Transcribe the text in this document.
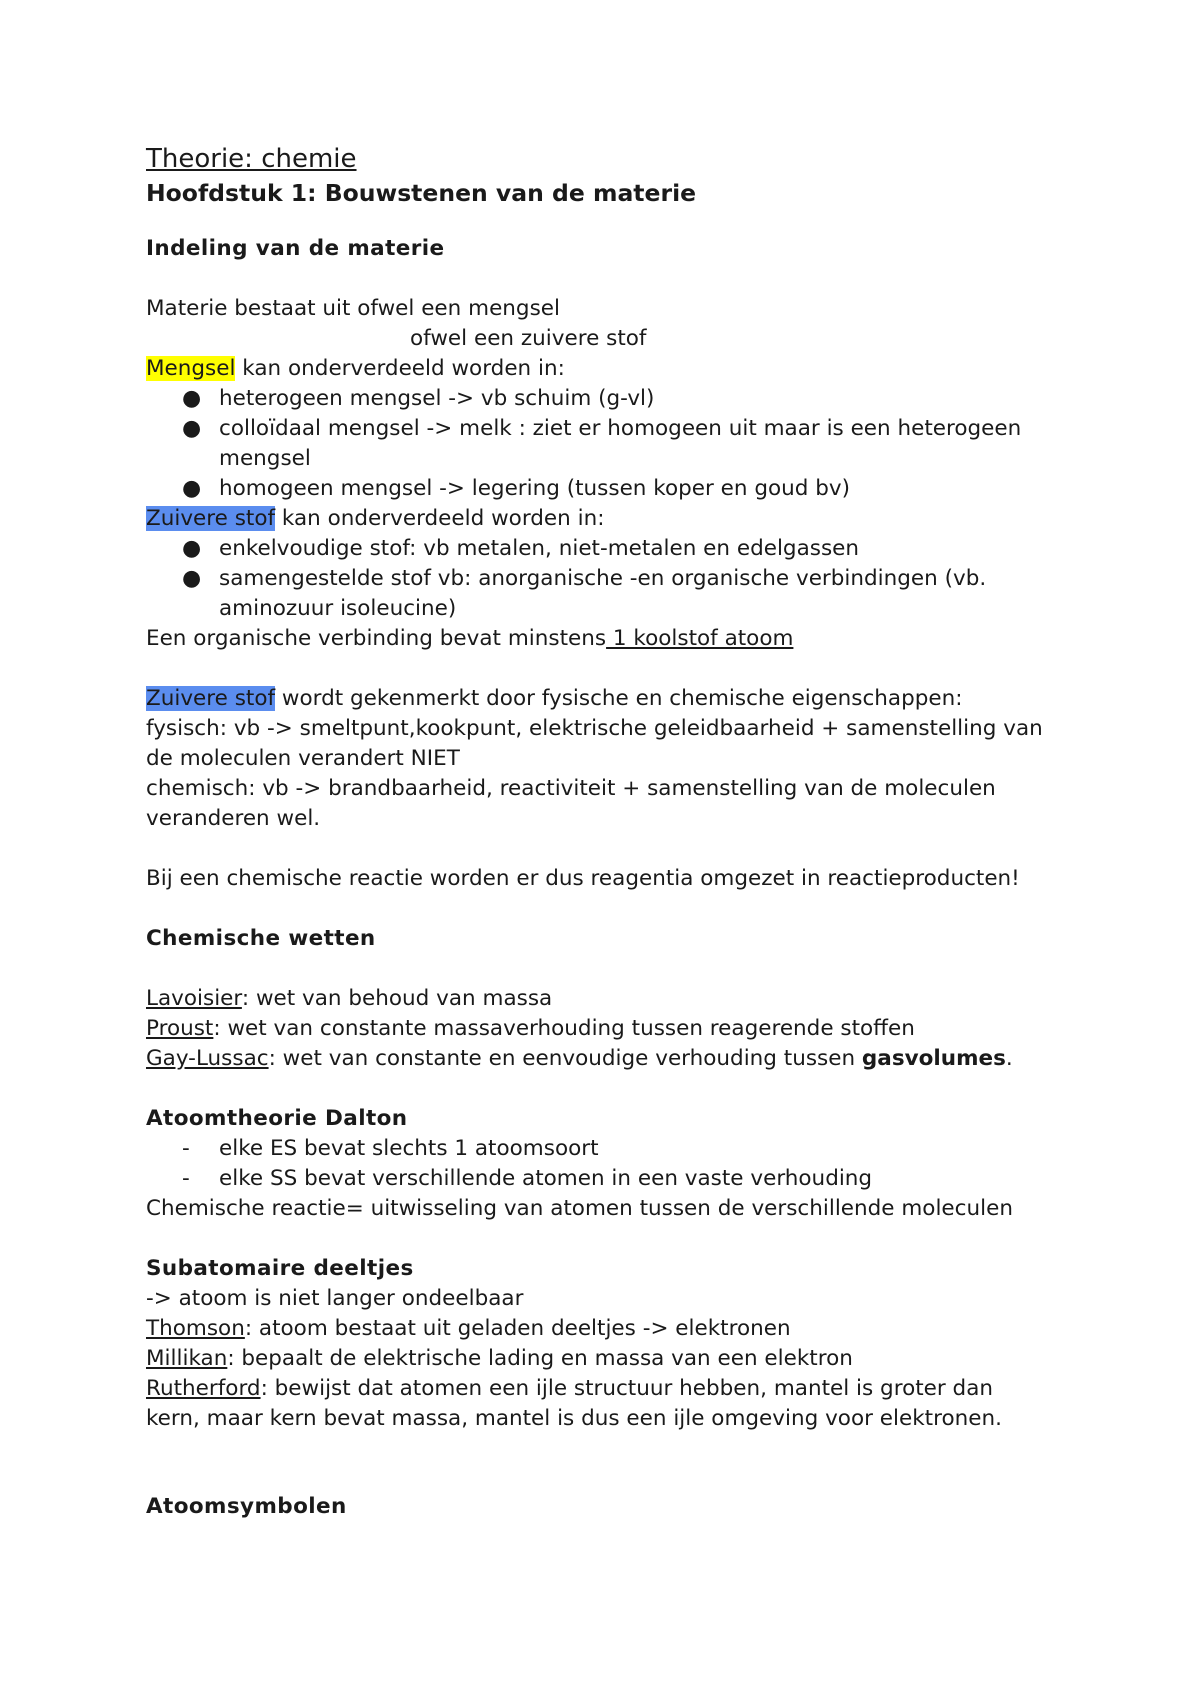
Theorie: chemie
Hoofdstuk 1: Bouwstenen van de materie
Indeling van de materie
Materie bestaat uit ofwel een mengsel
ofwel een zuivere stof
Mengsel kan onderverdeeld worden in:
● heterogeen mengsel -> vb schuim (g-vl)
● colloïdaal mengsel -> melk : ziet er homogeen uit maar is een heterogeen mengsel
● homogeen mengsel -> legering (tussen koper en goud bv)
Zuivere stof kan onderverdeeld worden in:
● enkelvoudige stof: vb metalen, niet-metalen en edelgassen
● samengestelde stof vb: anorganische -en organische verbindingen (vb. aminozuur isoleucine)
Een organische verbinding bevat minstens 1 koolstof atoom
Zuivere stof wordt gekenmerkt door fysische en chemische eigenschappen:
fysisch: vb -> smeltpunt,kookpunt, elektrische geleidbaarheid + samenstelling van de moleculen verandert NIET
chemisch: vb -> brandbaarheid, reactiviteit + samenstelling van de moleculen veranderen wel.
Bij een chemische reactie worden er dus reagentia omgezet in reactieproducten!
Chemische wetten
Lavoisier: wet van behoud van massa
Proust: wet van constante massaverhouding tussen reagerende stoffen
Gay-Lussac: wet van constante en eenvoudige verhouding tussen gasvolumes.
Atoomtheorie Dalton
- elke ES bevat slechts 1 atoomsoort
- elke SS bevat verschillende atomen in een vaste verhouding
Chemische reactie= uitwisseling van atomen tussen de verschillende moleculen
Subatomaire deeltjes
-> atoom is niet langer ondeelbaar
Thomson: atoom bestaat uit geladen deeltjes -> elektronen
Millikan: bepaalt de elektrische lading en massa van een elektron
Rutherford: bewijst dat atomen een ijle structuur hebben, mantel is groter dan kern, maar kern bevat massa, mantel is dus een ijle omgeving voor elektronen.
Atoomsymbolen
